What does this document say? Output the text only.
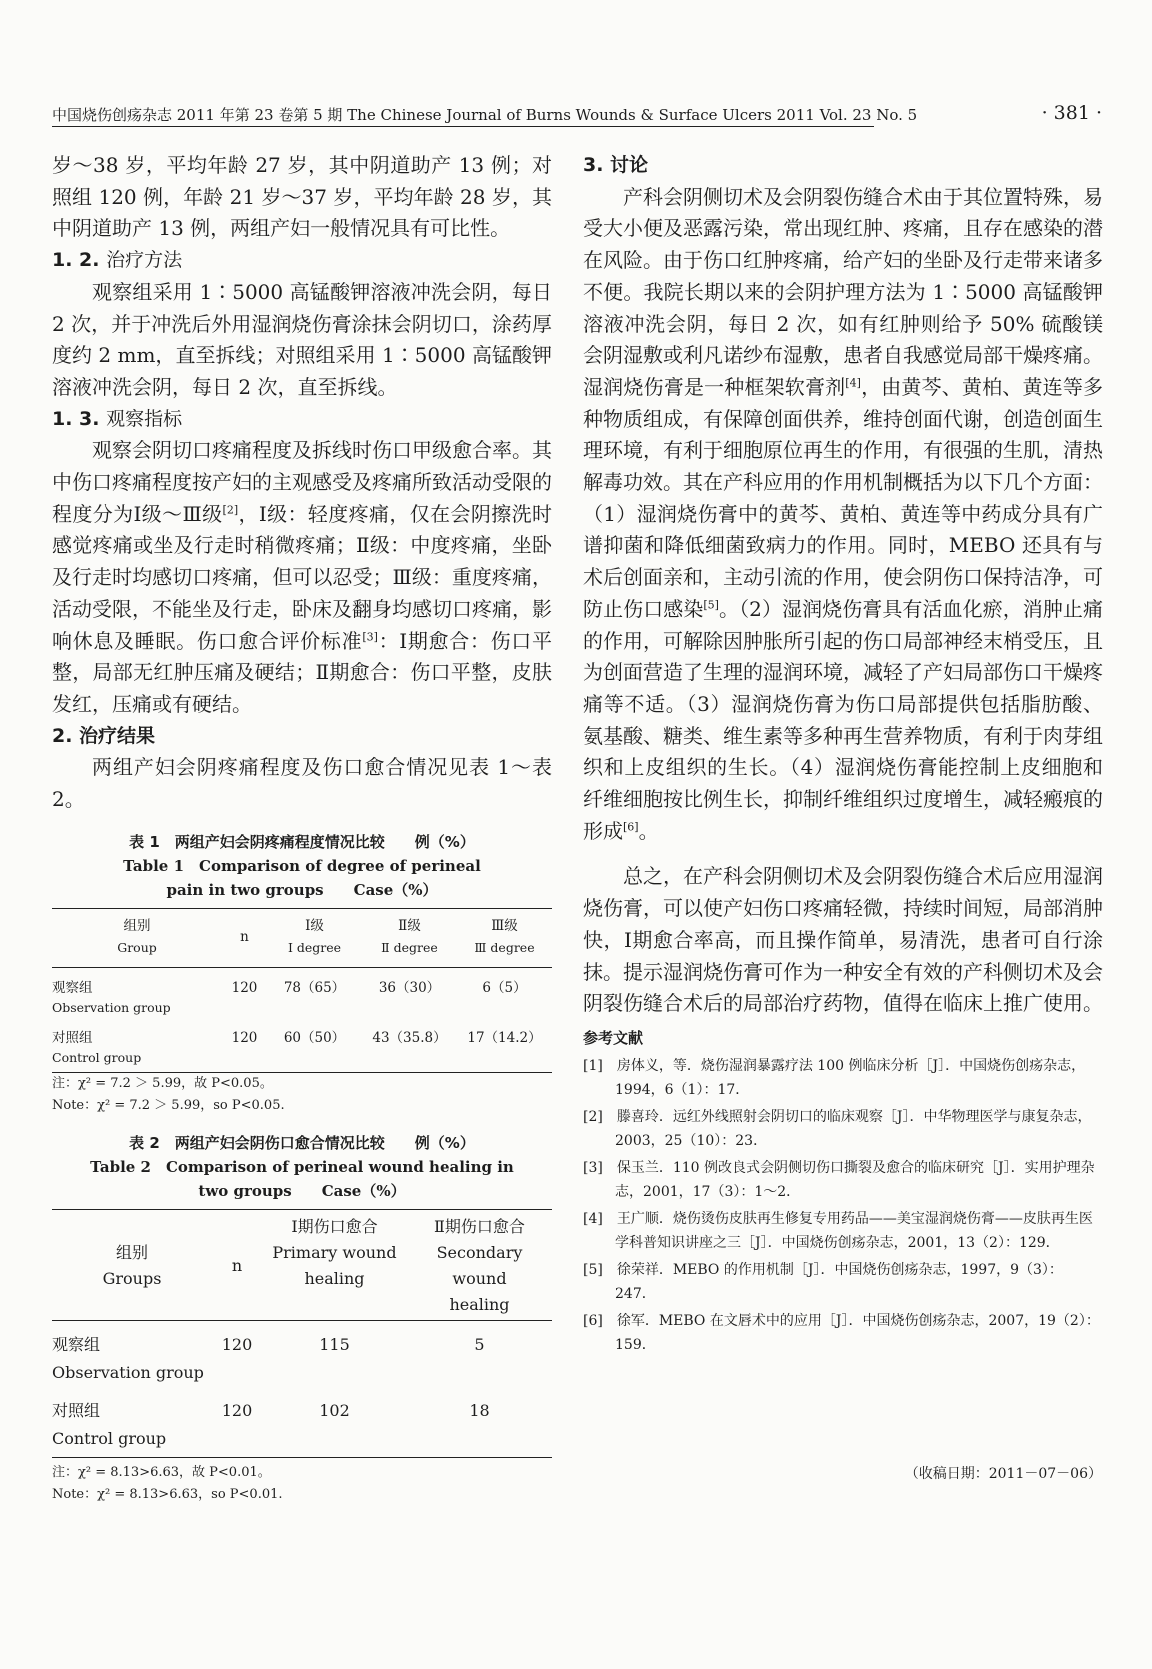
中国烧伤创疡杂志 2011 年第 23 卷第 5 期 The Chinese Journal of Burns Wounds & Surface Ulcers 2011 Vol. 23 No. 5	· 381 ·

岁～38 岁，平均年龄 27 岁，其中阴道助产 13 例；对照组 120 例，年龄 21 岁～37 岁，平均年龄 28 岁，其中阴道助产 13 例，两组产妇一般情况具有可比性。

1. 2. 治疗方法

观察组采用 1∶5000 高锰酸钾溶液冲洗会阴，每日 2 次，并于冲洗后外用湿润烧伤膏涂抹会阴切口，涂药厚度约 2 mm，直至拆线；对照组采用 1∶5000 高锰酸钾溶液冲洗会阴，每日 2 次，直至拆线。

1. 3. 观察指标

观察会阴切口疼痛程度及拆线时伤口甲级愈合率。其中伤口疼痛程度按产妇的主观感受及疼痛所致活动受限的程度分为Ⅰ级～Ⅲ级[2]，Ⅰ级：轻度疼痛，仅在会阴擦洗时感觉疼痛或坐及行走时稍微疼痛；Ⅱ级：中度疼痛，坐卧及行走时均感切口疼痛，但可以忍受；Ⅲ级：重度疼痛，活动受限，不能坐及行走，卧床及翻身均感切口疼痛，影响休息及睡眠。伤口愈合评价标准[3]：Ⅰ期愈合：伤口平整，局部无红肿压痛及硬结；Ⅱ期愈合：伤口平整，皮肤发红，压痛或有硬结。

2. 治疗结果

两组产妇会阴疼痛程度及伤口愈合情况见表 1～表 2。

表 1　两组产妇会阴疼痛程度情况比较　　例（%）

Table 1　Comparison of degree of perineal

pain in two groups　　Case（%）

组别
Group	n	Ⅰ级
Ⅰ degree	Ⅱ级
Ⅱ degree	Ⅲ级
Ⅲ degree

观察组
Observation group	120	78（65）	36（30）	6（5）
对照组
Control group	120	60（50）	43（35.8）	17（14.2）

注：χ² = 7.2 ＞ 5.99，故 P<0.05。

Note：χ² = 7.2 ＞ 5.99，so P<0.05.

表 2　两组产妇会阴伤口愈合情况比较　　例（%）

Table 2　Comparison of perineal wound healing in

two groups　　Case（%）

组别
Groups	n	Ⅰ期伤口愈合
Primary wound
healing	Ⅱ期伤口愈合
Secondary wound
healing

观察组
Observation group	120	115	5
对照组
Control group	120	102	18

注：χ² = 8.13>6.63，故 P<0.01。

Note：χ² = 8.13>6.63，so P<0.01.

3. 讨论

产科会阴侧切术及会阴裂伤缝合术由于其位置特殊，易受大小便及恶露污染，常出现红肿、疼痛，且存在感染的潜在风险。由于伤口红肿疼痛，给产妇的坐卧及行走带来诸多不便。我院长期以来的会阴护理方法为 1∶5000 高锰酸钾溶液冲洗会阴，每日 2 次，如有红肿则给予 50% 硫酸镁会阴湿敷或利凡诺纱布湿敷，患者自我感觉局部干燥疼痛。湿润烧伤膏是一种框架软膏剂[4]，由黄芩、黄柏、黄连等多种物质组成，有保障创面供养，维持创面代谢，创造创面生理环境，有利于细胞原位再生的作用，有很强的生肌，清热解毒功效。其在产科应用的作用机制概括为以下几个方面：（1）湿润烧伤膏中的黄芩、黄柏、黄连等中药成分具有广谱抑菌和降低细菌致病力的作用。同时，MEBO 还具有与术后创面亲和，主动引流的作用，使会阴伤口保持洁净，可防止伤口感染[5]。（2）湿润烧伤膏具有活血化瘀，消肿止痛的作用，可解除因肿胀所引起的伤口局部神经末梢受压，且为创面营造了生理的湿润环境，减轻了产妇局部伤口干燥疼痛等不适。（3）湿润烧伤膏为伤口局部提供包括脂肪酸、氨基酸、糖类、维生素等多种再生营养物质，有利于肉芽组织和上皮组织的生长。（4）湿润烧伤膏能控制上皮细胞和纤维细胞按比例生长，抑制纤维组织过度增生，减轻瘢痕的形成[6]。

总之，在产科会阴侧切术及会阴裂伤缝合术后应用湿润烧伤膏，可以使产妇伤口疼痛轻微，持续时间短，局部消肿快，Ⅰ期愈合率高，而且操作简单，易清洗，患者可自行涂抹。提示湿润烧伤膏可作为一种安全有效的产科侧切术及会阴裂伤缝合术后的局部治疗药物，值得在临床上推广使用。

参考文献

[1]　房体义，等．烧伤湿润暴露疗法 100 例临床分析［J］．中国烧伤创疡杂志，1994，6（1）：17．

[2]　滕喜玲．远红外线照射会阴切口的临床观察［J］．中华物理医学与康复杂志，2003，25（10）：23．

[3]　保玉兰．110 例改良式会阴侧切伤口撕裂及愈合的临床研究［J］．实用护理杂志，2001，17（3）：1～2．

[4]　王广顺．烧伤烫伤皮肤再生修复专用药品——美宝湿润烧伤膏——皮肤再生医学科普知识讲座之三［J］．中国烧伤创疡杂志，2001，13（2）：129．

[5]　徐荣祥．MEBO 的作用机制［J］．中国烧伤创疡杂志，1997，9（3）：247．

[6]　徐军．MEBO 在文唇术中的应用［J］．中国烧伤创疡杂志，2007，19（2）：159．

（收稿日期：2011－07－06）
